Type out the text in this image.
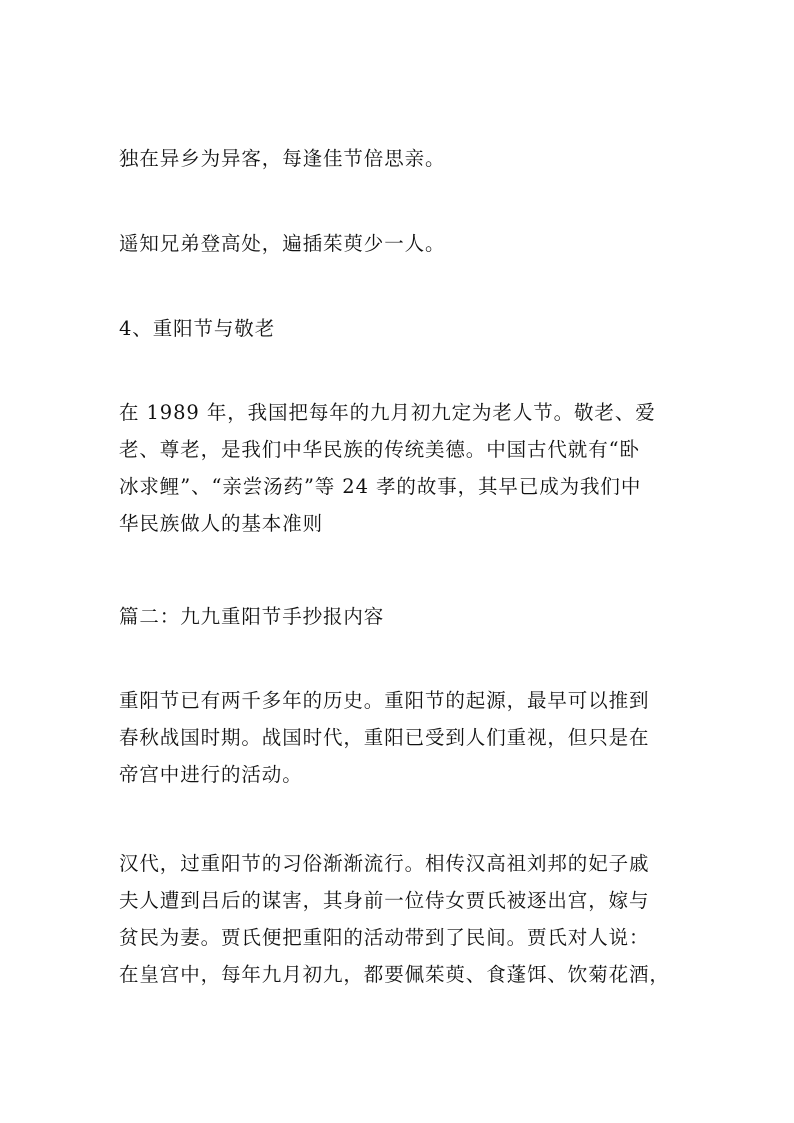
独在异乡为异客，每逢佳节倍思亲。

遥知兄弟登高处，遍插茱萸少一人。

4、重阳节与敬老

在 1989 年，我国把每年的九月初九定为老人节。敬老、爱
老、尊老，是我们中华民族的传统美德。中国古代就有“卧
冰求鲤”、“亲尝汤药”等 24 孝的故事，其早已成为我们中
华民族做人的基本准则

篇二：九九重阳节手抄报内容

重阳节已有两千多年的历史。重阳节的起源，最早可以推到
春秋战国时期。战国时代，重阳已受到人们重视，但只是在
帝宫中进行的活动。

汉代，过重阳节的习俗渐渐流行。相传汉高祖刘邦的妃子戚
夫人遭到吕后的谋害，其身前一位侍女贾氏被逐出宫，嫁与
贫民为妻。贾氏便把重阳的活动带到了民间。贾氏对人说：
在皇宫中，每年九月初九，都要佩茱萸、食蓬饵、饮菊花酒，
